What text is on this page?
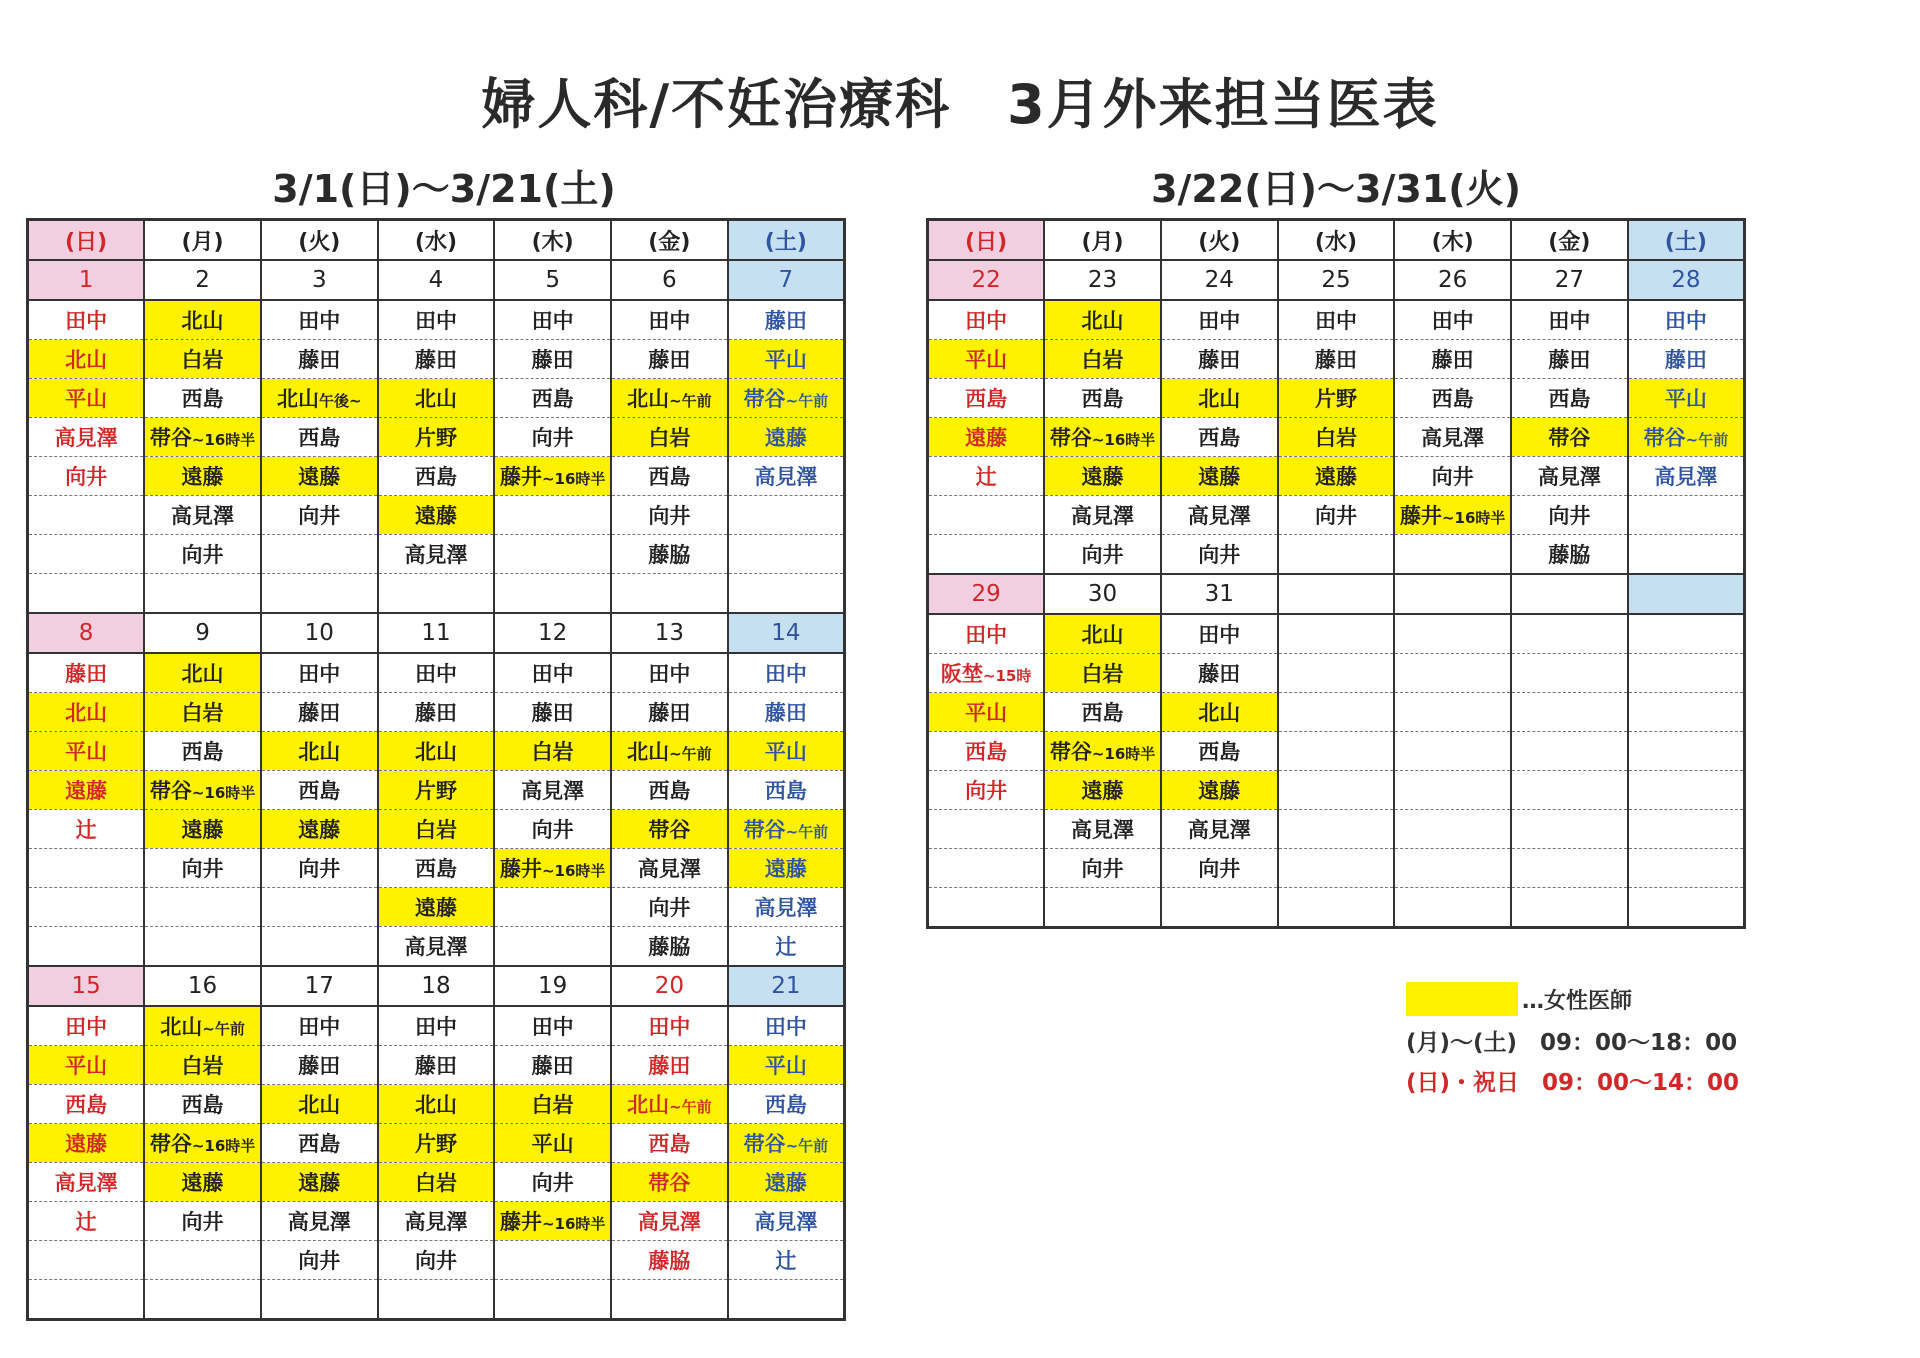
婦人科/不妊治療科　3月外来担当医表
3/1(日)～3/21(土)	3/22(日)～3/31(火)
(日)	(月)	(火)	(水)	(木)	(金)	(土)
1	2	3	4	5	6	7
田中	北山	田中	田中	田中	田中	藤田
北山	白岩	藤田	藤田	藤田	藤田	平山
平山	西島	北山午後~	北山	西島	北山~午前	帯谷~午前
高見澤	帯谷~16時半	西島	片野	向井	白岩	遠藤
向井	遠藤	遠藤	西島	藤井~16時半	西島	高見澤
	高見澤	向井	遠藤		向井	
	向井		高見澤		藤脇	

8	9	10	11	12	13	14
藤田	北山	田中	田中	田中	田中	田中
北山	白岩	藤田	藤田	藤田	藤田	藤田
平山	西島	北山	北山	白岩	北山~午前	平山
遠藤	帯谷~16時半	西島	片野	高見澤	西島	西島
辻	遠藤	遠藤	白岩	向井	帯谷	帯谷~午前
	向井	向井	西島	藤井~16時半	高見澤	遠藤
			遠藤		向井	高見澤
			高見澤		藤脇	辻
15	16	17	18	19	20	21
田中	北山~午前	田中	田中	田中	田中	田中
平山	白岩	藤田	藤田	藤田	藤田	平山
西島	西島	北山	北山	白岩	北山~午前	西島
遠藤	帯谷~16時半	西島	片野	平山	西島	帯谷~午前
高見澤	遠藤	遠藤	白岩	向井	帯谷	遠藤
辻	向井	高見澤	高見澤	藤井~16時半	高見澤	高見澤
		向井	向井		藤脇	辻

(日)	(月)	(火)	(水)	(木)	(金)	(土)
22	23	24	25	26	27	28
田中	北山	田中	田中	田中	田中	田中
平山	白岩	藤田	藤田	藤田	藤田	藤田
西島	西島	北山	片野	西島	西島	平山
遠藤	帯谷~16時半	西島	白岩	高見澤	帯谷	帯谷~午前
辻	遠藤	遠藤	遠藤	向井	高見澤	高見澤
	高見澤	高見澤	向井	藤井~16時半	向井	
	向井	向井			藤脇	
29	30	31				
田中	北山	田中				
阪埜~15時	白岩	藤田				
平山	西島	北山				
西島	帯谷~16時半	西島				
向井	遠藤	遠藤				
	高見澤	高見澤				
	向井	向井				

…女性医師
(月)～(土)　09：00～18：00
(日)・祝日　09：00～14：00
